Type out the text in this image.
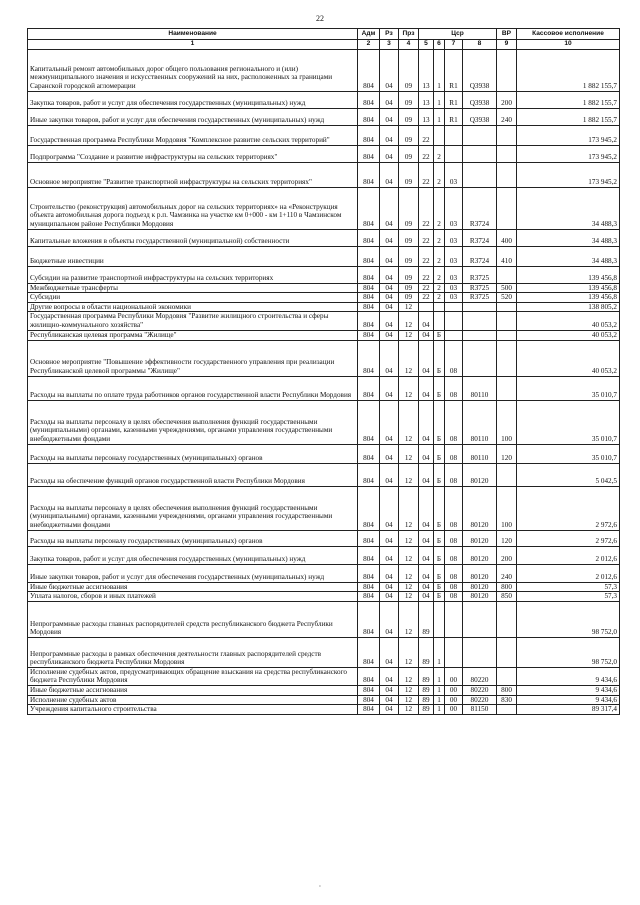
22
Наименование	Адм	Рз	Прз	Цср				ВР	Кассовое исполнение
1	2	3	4	5	6	7	8	9	10
Капитальный ремонт автомобильных дорог общего пользования регионального и (или) межмуниципального значения и искусственных сооружений на них, расположенных за границами Саранской городской агломерации	804	04	09	13	1	R1	Q3938		1 882 155,7
Закупка товаров, работ и услуг для обеспечения государственных (муниципальных) нужд	804	04	09	13	1	R1	Q3938	200	1 882 155,7
Иные закупки товаров, работ и услуг для обеспечения государственных (муниципальных) нужд	804	04	09	13	1	R1	Q3938	240	1 882 155,7
Государственная программа Республики Мордовия "Комплексное развитие сельских территорий"	804	04	09	22					173 945,2
Подпрограмма "Создание и развитие инфраструктуры на сельских территориях"	804	04	09	22	2				173 945,2
Основное мероприятие "Развитие транспортной инфраструктуры на сельских территориях"	804	04	09	22	2	03			173 945,2
Строительство (реконструкция) автомобильных дорог на сельских территориях» на «Реконструкция объекта автомобильная дорога подъезд к р.п. Чамзинка на участке км 0+000 - км 1+110 в Чамзинском муниципальном районе Республики Мордовия	804	04	09	22	2	03	R3724		34 488,3
Капитальные вложения в объекты государственной (муниципальной) собственности	804	04	09	22	2	03	R3724	400	34 488,3
Бюджетные инвестиции	804	04	09	22	2	03	R3724	410	34 488,3
Субсидии на развитие транспортной инфраструктуры на сельских территориях	804	04	09	22	2	03	R3725		139 456,8
Межбюджетные трансферты	804	04	09	22	2	03	R3725	500	139 456,8
Субсидии	804	04	09	22	2	03	R3725	520	139 456,8
Другие вопросы в области национальной экономики	804	04	12						138 805,2
Государственная программа Республики Мордовия "Развитие жилищного строительства и сферы жилищно-коммунального хозяйства"	804	04	12	04					40 053,2
Республиканская целевая программа "Жилище"	804	04	12	04	Б				40 053,2
Основное мероприятие "Повышение эффективности государственного управления при реализации Республиканской целевой программы "Жилище"	804	04	12	04	Б	08			40 053,2
Расходы на выплаты по оплате труда работников органов государственной власти Республики Мордовия	804	04	12	04	Б	08	80110		35 010,7
Расходы на выплаты персоналу в целях обеспечения выполнения функций государственными (муниципальными) органами, казенными учреждениями, органами управления государственными внебюджетными фондами	804	04	12	04	Б	08	80110	100	35 010,7
Расходы на выплаты персоналу государственных (муниципальных) органов	804	04	12	04	Б	08	80110	120	35 010,7
Расходы на обеспечение функций органов государственной власти Республики Мордовия	804	04	12	04	Б	08	80120		5 042,5
Расходы на выплаты персоналу в целях обеспечения выполнения функций государственными (муниципальными) органами, казенными учреждениями, органами управления государственными внебюджетными фондами	804	04	12	04	Б	08	80120	100	2 972,6
Расходы на выплаты персоналу государственных (муниципальных) органов	804	04	12	04	Б	08	80120	120	2 972,6
Закупка товаров, работ и услуг для обеспечения государственных (муниципальных) нужд	804	04	12	04	Б	08	80120	200	2 012,6
Иные закупки товаров, работ и услуг для обеспечения государственных (муниципальных) нужд	804	04	12	04	Б	08	80120	240	2 012,6
Иные бюджетные ассигнования	804	04	12	04	Б	08	80120	800	57,3
Уплата налогов, сборов и иных платежей	804	04	12	04	Б	08	80120	850	57,3
Непрограммные расходы главных распорядителей средств республиканского бюджета Республики Мордовия	804	04	12	89					98 752,0
Непрограммные расходы в рамках обеспечения деятельности главных распорядителей средств республиканского бюджета Республики Мордовия	804	04	12	89	1				98 752,0
Исполнение судебных актов, предусматривающих обращение взыскания на средства республиканского бюджета Республики Мордовия	804	04	12	89	1	00	80220		9 434,6
Иные бюджетные ассигнования	804	04	12	89	1	00	80220	800	9 434,6
Исполнение судебных актов	804	04	12	89	1	00	80220	830	9 434,6
Учреждения капитального строительства	804	04	12	89	1	00	81150		89 317,4
·
